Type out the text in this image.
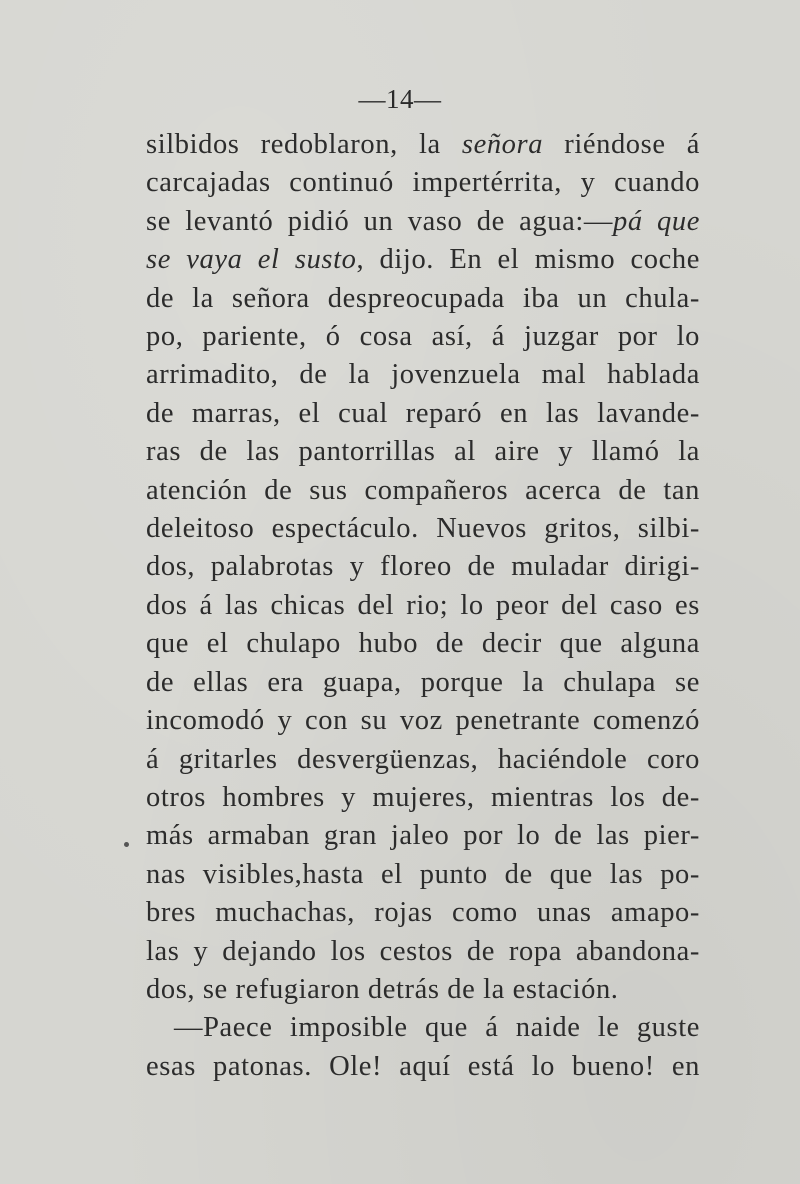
—14—
silbidos redoblaron, la señora riéndose á
carcajadas continuó impertérrita, y cuando
se levantó pidió un vaso de agua:—pá que
se vaya el susto, dijo. En el mismo coche
de la señora despreocupada iba un chula-
po, pariente, ó cosa así, á juzgar por lo
arrimadito, de la jovenzuela mal hablada
de marras, el cual reparó en las lavande-
ras de las pantorrillas al aire y llamó la
atención de sus compañeros acerca de tan
deleitoso espectáculo. Nuevos gritos, silbi-
dos, palabrotas y floreo de muladar dirigi-
dos á las chicas del rio; lo peor del caso es
que el chulapo hubo de decir que alguna
de ellas era guapa, porque la chulapa se
incomodó y con su voz penetrante comenzó
á gritarles desvergüenzas, haciéndole coro
otros hombres y mujeres, mientras los de-
más armaban gran jaleo por lo de las pier-
nas visibles,hasta el punto de que las po-
bres muchachas, rojas como unas amapo-
las y dejando los cestos de ropa abandona-
dos, se refugiaron detrás de la estación.
—Paece imposible que á naide le guste
esas patonas. Ole! aquí está lo bueno! en
